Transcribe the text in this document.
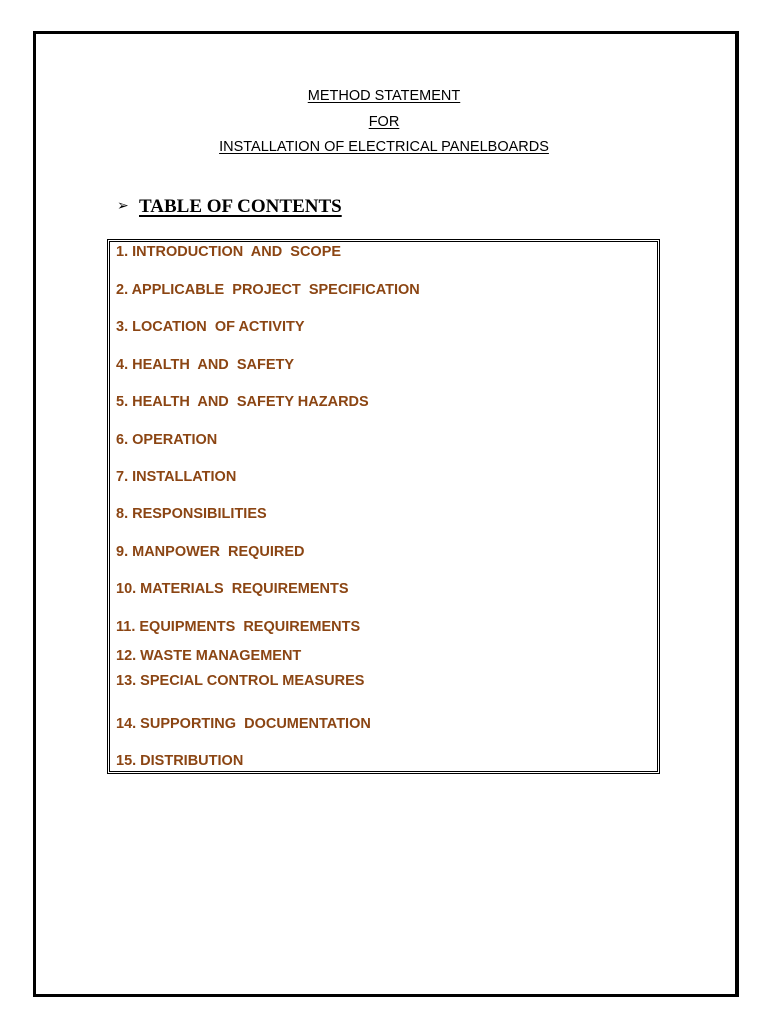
METHOD STATEMENT
FOR
INSTALLATION OF ELECTRICAL PANELBOARDS
➢ TABLE OF CONTENTS
1. INTRODUCTION  AND  SCOPE
2. APPLICABLE  PROJECT  SPECIFICATION
3. LOCATION  OF ACTIVITY
4. HEALTH  AND  SAFETY
5. HEALTH  AND  SAFETY HAZARDS
6. OPERATION
7. INSTALLATION
8. RESPONSIBILITIES
9. MANPOWER  REQUIRED
10. MATERIALS  REQUIREMENTS
11. EQUIPMENTS  REQUIREMENTS
12. WASTE MANAGEMENT
13. SPECIAL CONTROL MEASURES
14. SUPPORTING  DOCUMENTATION
15. DISTRIBUTION
